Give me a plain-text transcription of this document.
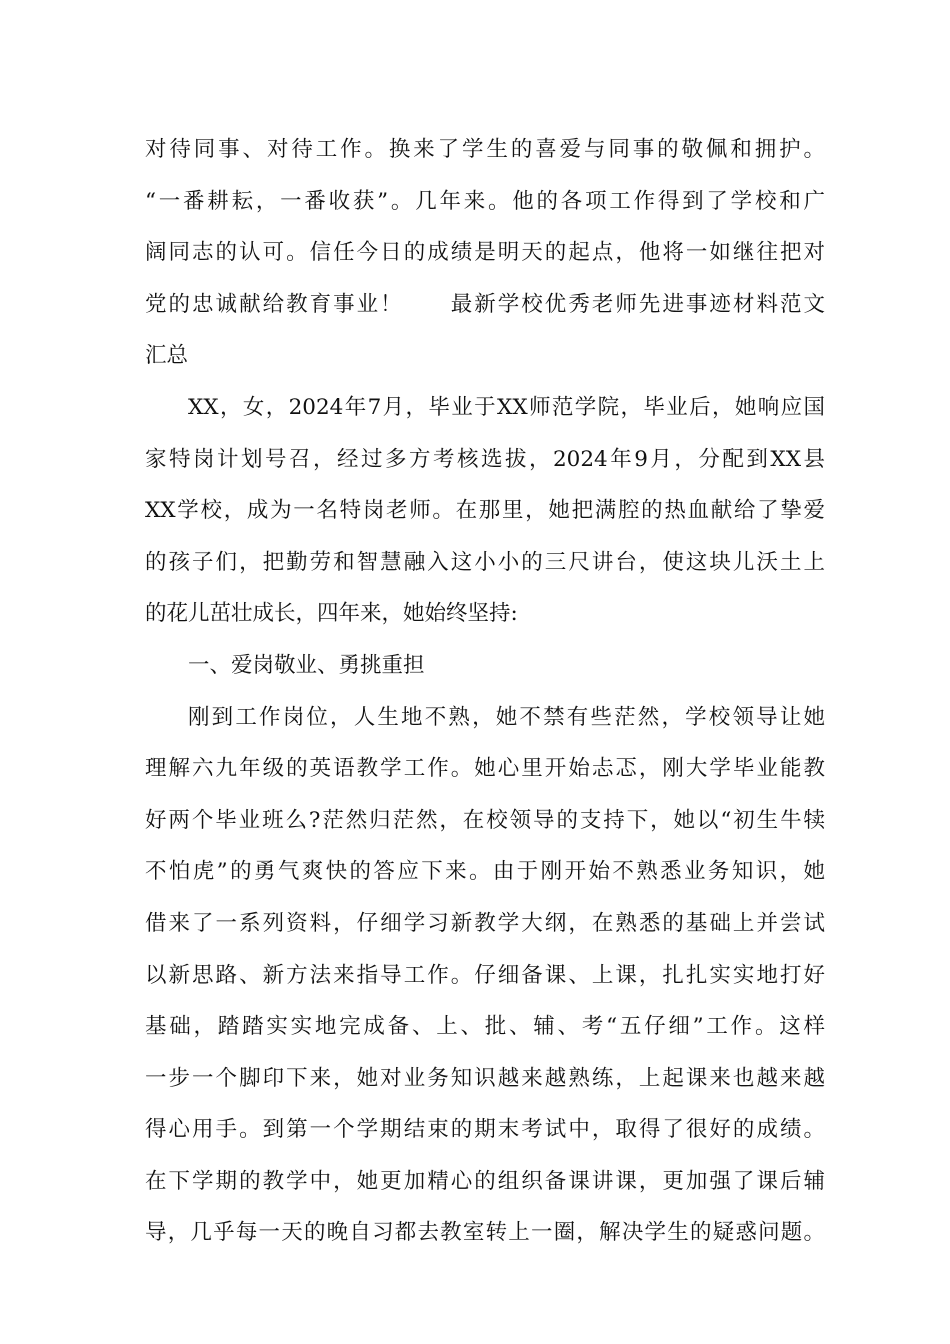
对待同事、对待工作。换来了学生的喜爱与同事的敬佩和拥护。
“一番耕耘，一番收获”。几年来。他的各项工作得到了学校和广
阔同志的认可。信任今日的成绩是明天的起点，他将一如继往把对
党的忠诚献给教育事业！　　最新学校优秀老师先进事迹材料范文
汇总
XX，女，2024年7月，毕业于XX师范学院，毕业后，她响应国
家特岗计划号召，经过多方考核选拔，2024年9月，分配到XX县
XX学校，成为一名特岗老师。在那里，她把满腔的热血献给了挚爱
的孩子们，把勤劳和智慧融入这小小的三尺讲台，使这块儿沃土上
的花儿茁壮成长，四年来，她始终坚持:
一、爱岗敬业、勇挑重担
刚到工作岗位，人生地不熟，她不禁有些茫然，学校领导让她
理解六九年级的英语教学工作。她心里开始忐忑，刚大学毕业能教
好两个毕业班么?茫然归茫然，在校领导的支持下，她以“初生牛犊
不怕虎”的勇气爽快的答应下来。由于刚开始不熟悉业务知识，她
借来了一系列资料，仔细学习新教学大纲，在熟悉的基础上并尝试
以新思路、新方法来指导工作。仔细备课、上课，扎扎实实地打好
基础，踏踏实实地完成备、上、批、辅、考“五仔细”工作。这样
一步一个脚印下来，她对业务知识越来越熟练，上起课来也越来越
得心用手。到第一个学期结束的期末考试中，取得了很好的成绩。
在下学期的教学中，她更加精心的组织备课讲课，更加强了课后辅
导，几乎每一天的晚自习都去教室转上一圈，解决学生的疑惑问题。
